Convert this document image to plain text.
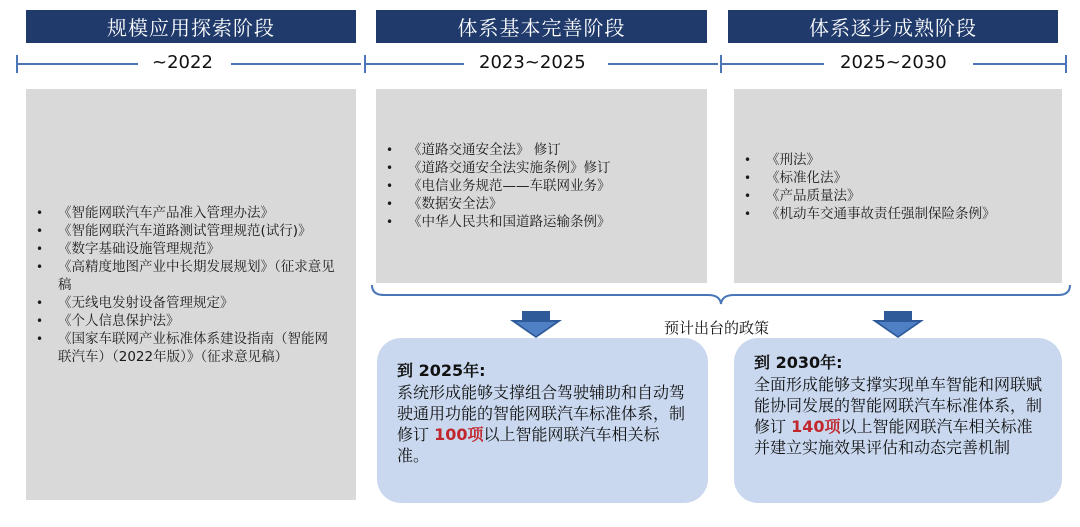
规模应用探索阶段	体系基本完善阶段	体系逐步成熟阶段
~2022	2023~2025	2025~2030
• 《智能网联汽车产品准入管理办法》
• 《智能网联汽车道路测试管理规范(试行)》
• 《数字基础设施管理规范》
• 《高精度地图产业中长期发展规划》（征求意见稿
• 《无线电发射设备管理规定》
• 《个人信息保护法》
• 《国家车联网产业标准体系建设指南（智能网联汽车）（2022年版）》（征求意见稿）
• 《道路交通安全法》 修订
• 《道路交通安全法实施条例》修订
• 《电信业务规范——车联网业务》
• 《数据安全法》
• 《中华人民共和国道路运输条例》
• 《刑法》
• 《标准化法》
• 《产品质量法》
• 《机动车交通事故责任强制保险条例》
预计出台的政策
到 2025年:
系统形成能够支撑组合驾驶辅助和自动驾驶通用功能的智能网联汽车标准体系，制修订 100项以上智能网联汽车相关标准。
到 2030年:
全面形成能够支撑实现单车智能和网联赋能协同发展的智能网联汽车标准体系，制修订 140项以上智能网联汽车相关标准并建立实施效果评估和动态完善机制
